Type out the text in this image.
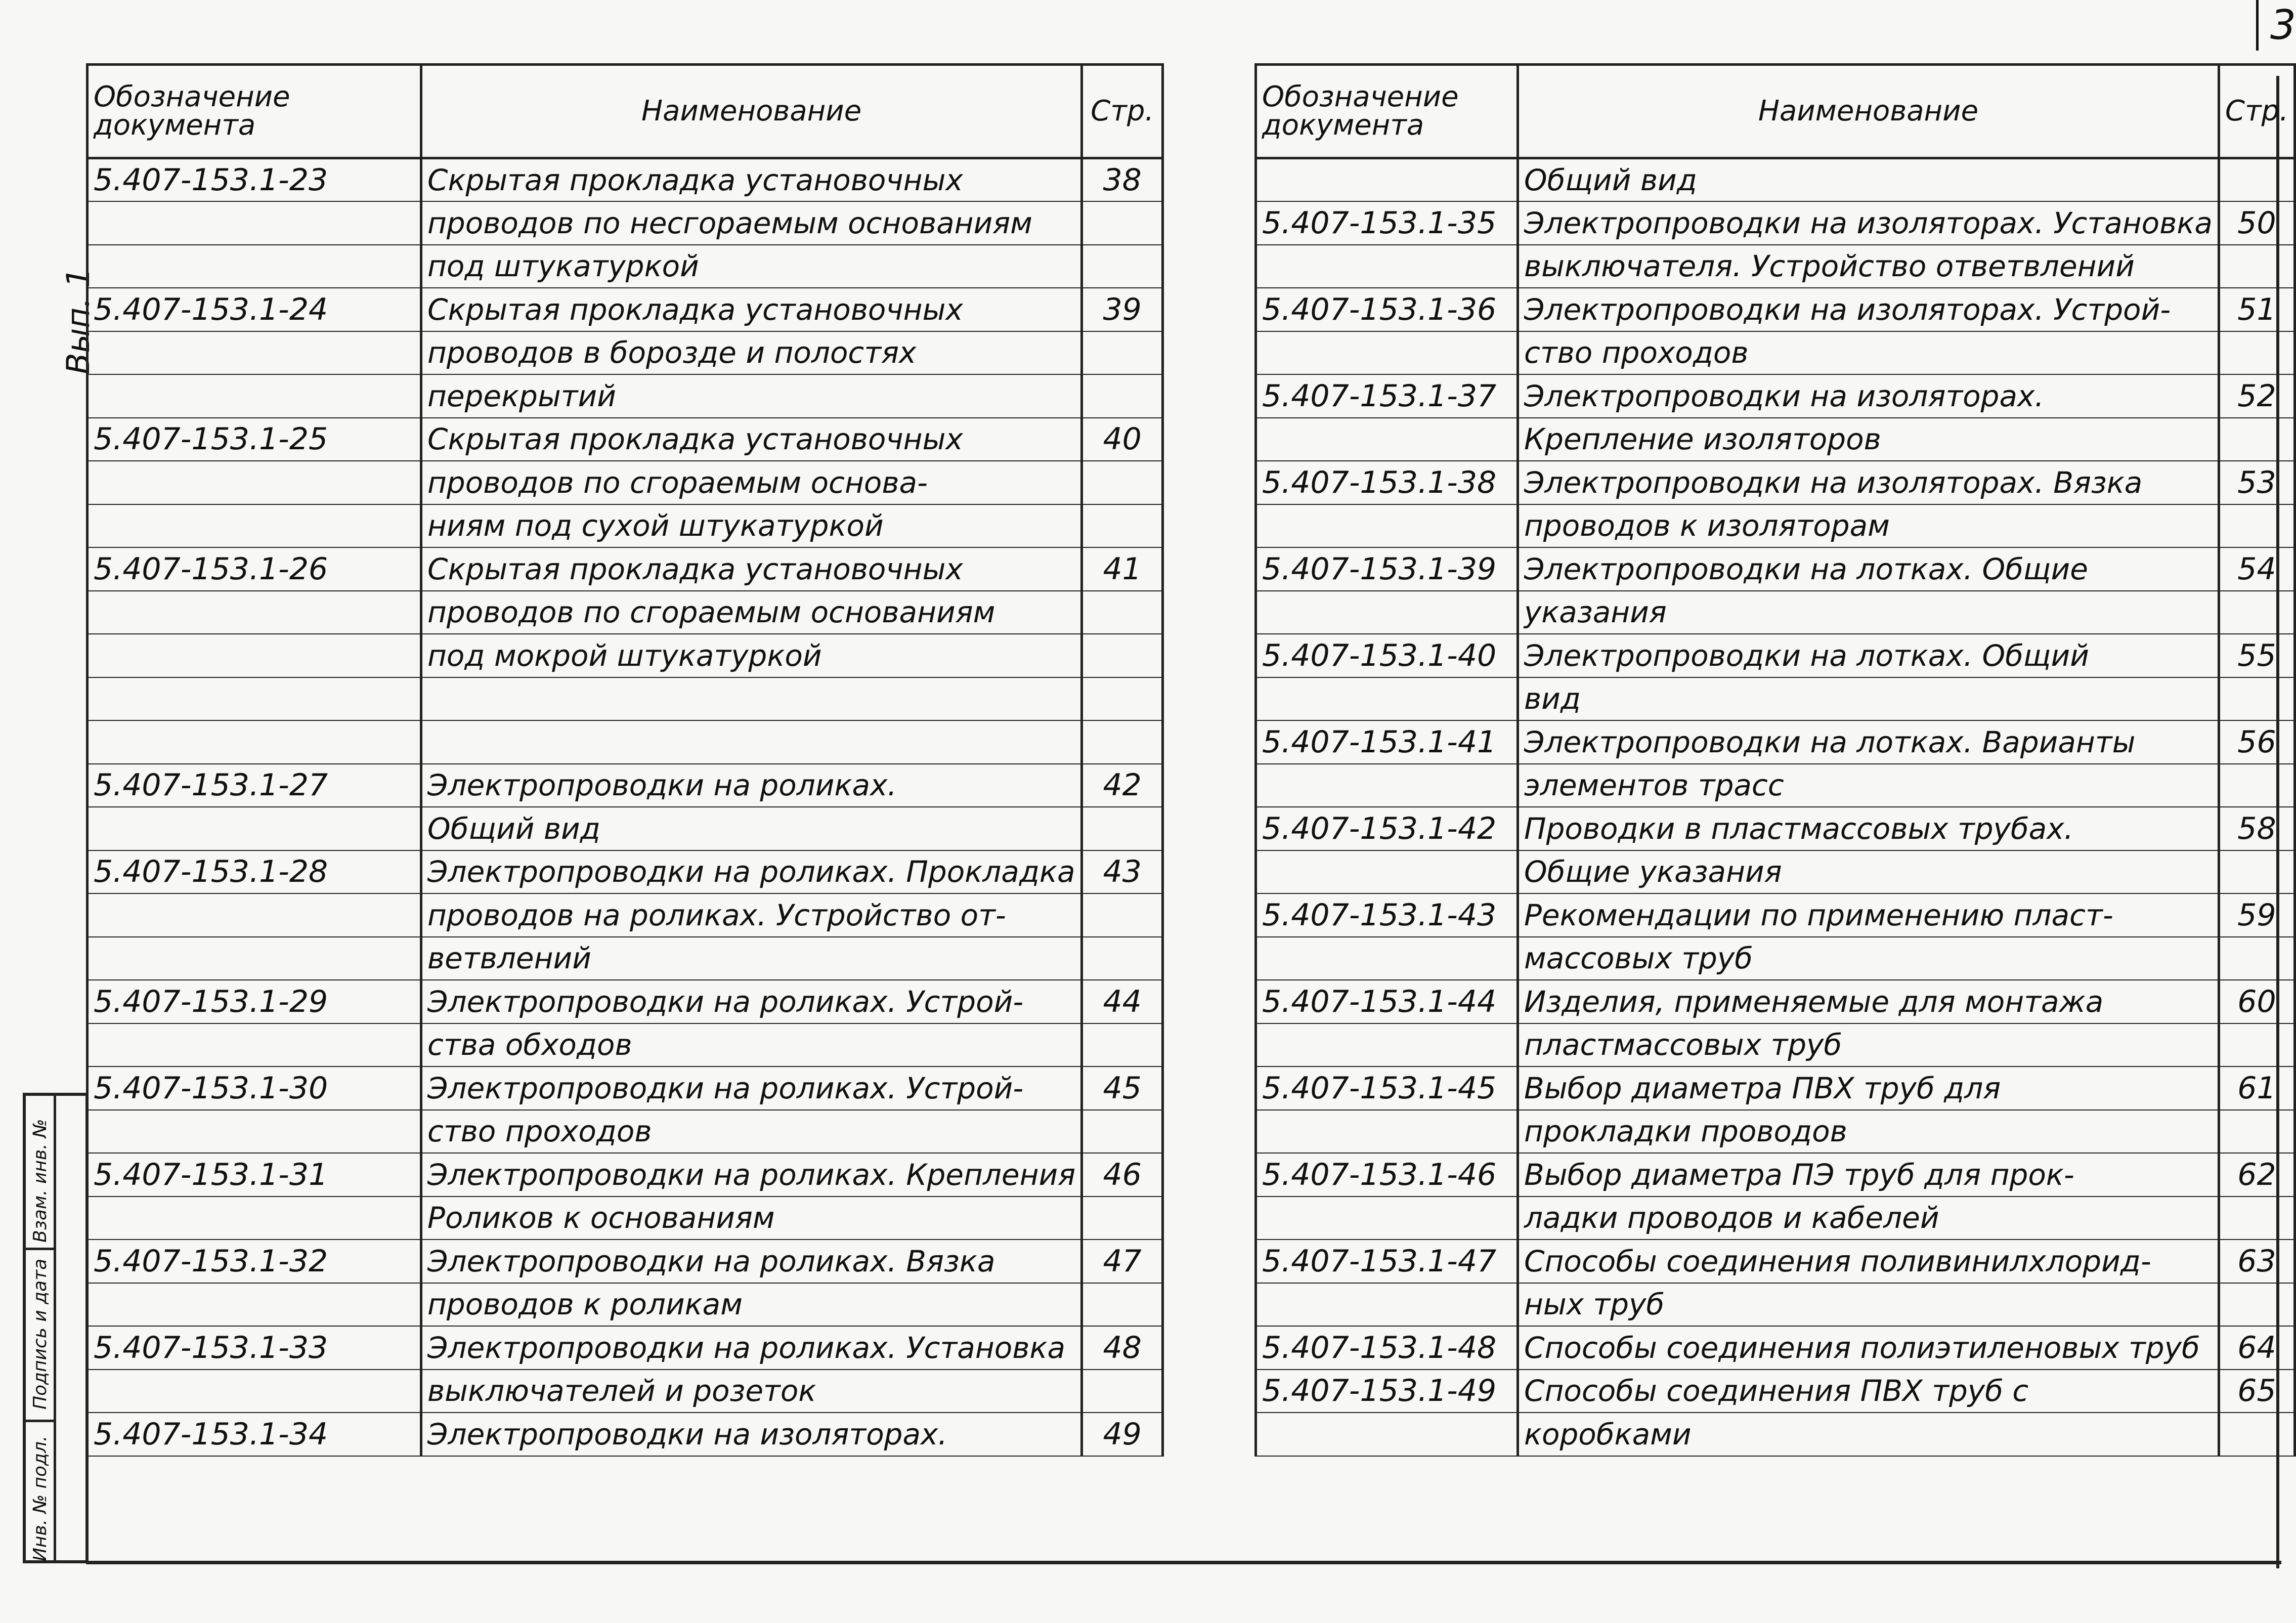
3
Вып. 1
Инв. № подл.
Подпись и дата
Взам. инв. №
Обозначение документа	Наименование	Стр.
5.407-153.1-23	Скрытая прокладка установочных	38
	проводов по несгораемым основаниям	
	под штукатуркой	
5.407-153.1-24	Скрытая прокладка установочных	39
	проводов в борозде и полостях	
	перекрытий	
5.407-153.1-25	Скрытая прокладка установочных	40
	проводов по сгораемым основа-	
	ниям под сухой штукатуркой	
5.407-153.1-26	Скрытая прокладка установочных	41
	проводов по сгораемым основаниям	
	под мокрой штукатуркой	

5.407-153.1-27	Электропроводки на роликах.	42
	Общий вид	
5.407-153.1-28	Электропроводки на роликах. Прокладка	43
	проводов на роликах. Устройство от-	
	ветвлений	
5.407-153.1-29	Электропроводки на роликах. Устрой-	44
	ства обходов	
5.407-153.1-30	Электропроводки на роликах. Устрой-	45
	ство проходов	
5.407-153.1-31	Электропроводки на роликах. Крепления	46
	Роликов к основаниям	
5.407-153.1-32	Электропроводки на роликах. Вязка	47
	проводов к роликам	
5.407-153.1-33	Электропроводки на роликах. Установка	48
	выключателей и розеток	
5.407-153.1-34	Электропроводки на изоляторах.	49
Обозначение документа	Наименование	Стр.
	Общий вид	
5.407-153.1-35	Электропроводки на изоляторах. Установка	50
	выключателя. Устройство ответвлений	
5.407-153.1-36	Электропроводки на изоляторах. Устрой-	51
	ство проходов	
5.407-153.1-37	Электропроводки на изоляторах.	52
	Крепление изоляторов	
5.407-153.1-38	Электропроводки на изоляторах. Вязка	53
	проводов к изоляторам	
5.407-153.1-39	Электропроводки на лотках. Общие	54
	указания	
5.407-153.1-40	Электропроводки на лотках. Общий	55
	вид	
5.407-153.1-41	Электропроводки на лотках. Варианты	56
	элементов трасс	
5.407-153.1-42	Проводки в пластмассовых трубах.	58
	Общие указания	
5.407-153.1-43	Рекомендации по применению пласт-	59
	массовых труб	
5.407-153.1-44	Изделия, применяемые для монтажа	60
	пластмассовых труб	
5.407-153.1-45	Выбор диаметра ПВХ труб для	61
	прокладки проводов	
5.407-153.1-46	Выбор диаметра ПЭ труб для прок-	62
	ладки проводов и кабелей	
5.407-153.1-47	Способы соединения поливинилхлорид-	63
	ных труб	
5.407-153.1-48	Способы соединения полиэтиленовых труб	64
5.407-153.1-49	Способы соединения ПВХ труб с	65
	коробками	
